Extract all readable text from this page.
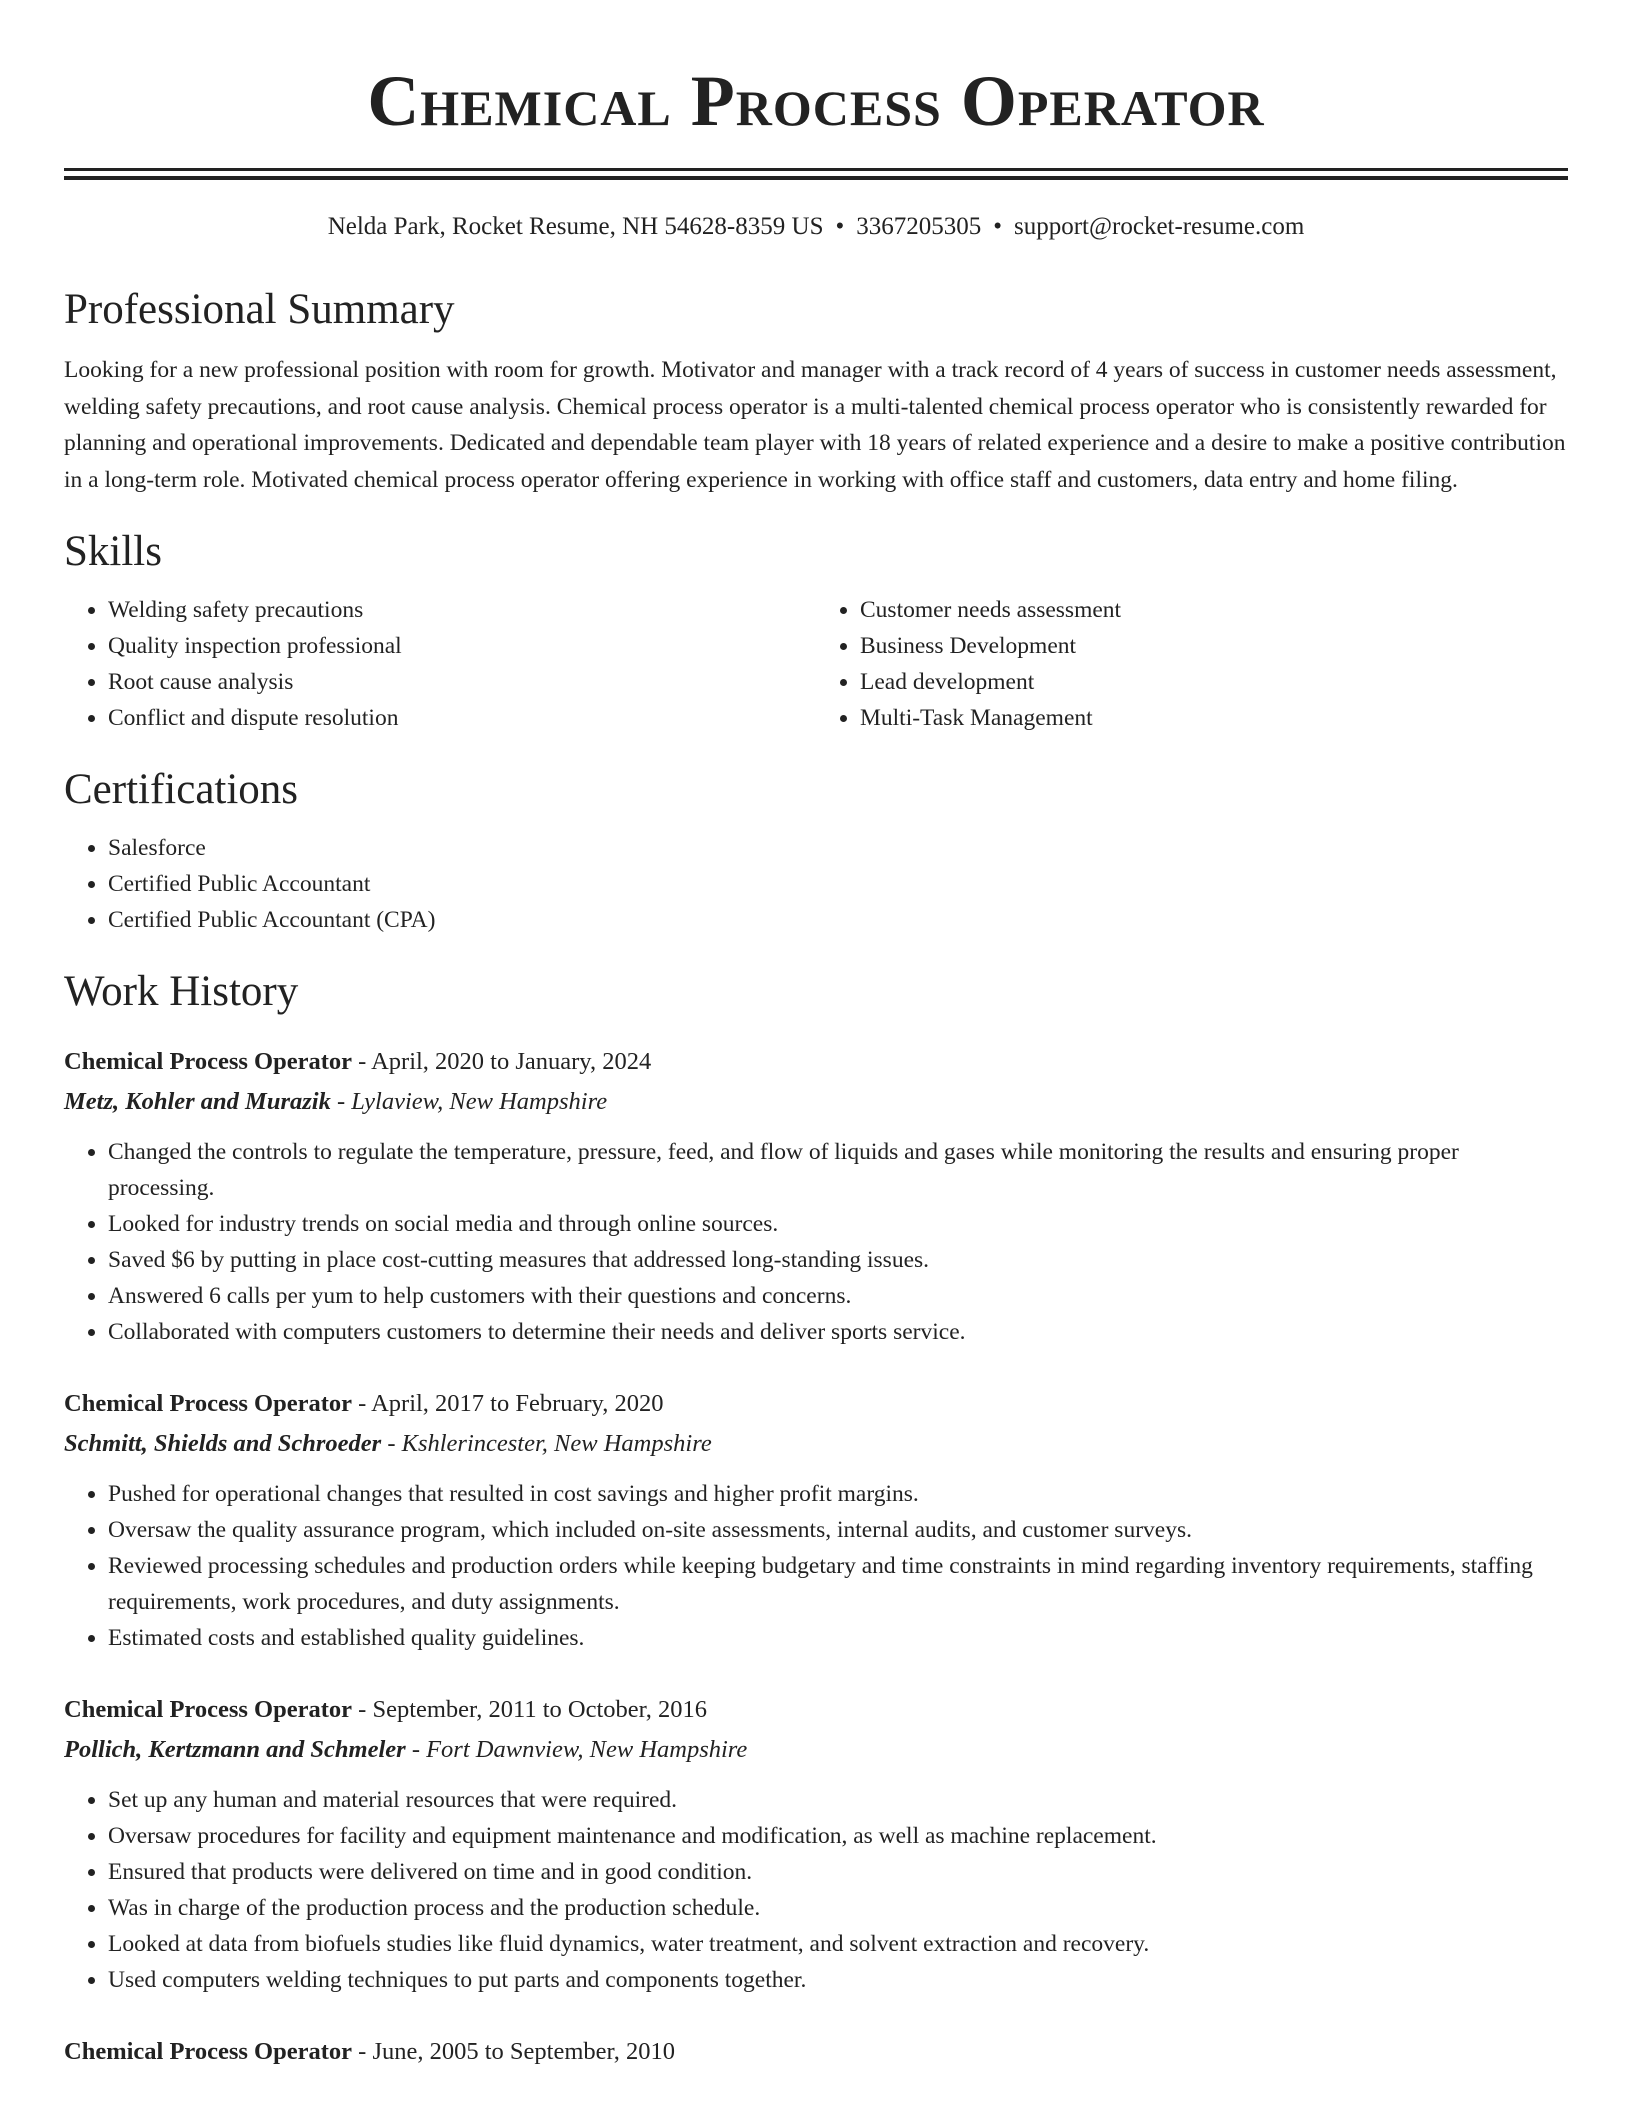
Chemical Process Operator
Nelda Park, Rocket Resume, NH 54628-8359 US • 3367205305 • support@rocket-resume.com
Professional Summary

Looking for a new professional position with room for growth. Motivator and manager with a track record of 4 years of success in customer needs assessment, welding safety precautions, and root cause analysis. Chemical process operator is a multi-talented chemical process operator who is consistently rewarded for planning and operational improvements. Dedicated and dependable team player with 18 years of related experience and a desire to make a positive contribution in a long-term role. Motivated chemical process operator offering experience in working with office staff and customers, data entry and home filing.

Skills
• Welding safety precautions
• Quality inspection professional
• Root cause analysis
• Conflict and dispute resolution
• Customer needs assessment
• Business Development
• Lead development
• Multi-Task Management
Certifications
• Salesforce
• Certified Public Accountant
• Certified Public Accountant (CPA)
Work History
Chemical Process Operator - April, 2020 to January, 2024
Metz, Kohler and Murazik - Lylaview, New Hampshire
• Changed the controls to regulate the temperature, pressure, feed, and flow of liquids and gases while monitoring the results and ensuring proper processing.
• Looked for industry trends on social media and through online sources.
• Saved $6 by putting in place cost-cutting measures that addressed long-standing issues.
• Answered 6 calls per yum to help customers with their questions and concerns.
• Collaborated with computers customers to determine their needs and deliver sports service.
Chemical Process Operator - April, 2017 to February, 2020
Schmitt, Shields and Schroeder - Kshlerincester, New Hampshire
• Pushed for operational changes that resulted in cost savings and higher profit margins.
• Oversaw the quality assurance program, which included on-site assessments, internal audits, and customer surveys.
• Reviewed processing schedules and production orders while keeping budgetary and time constraints in mind regarding inventory requirements, staffing requirements, work procedures, and duty assignments.
• Estimated costs and established quality guidelines.
Chemical Process Operator - September, 2011 to October, 2016
Pollich, Kertzmann and Schmeler - Fort Dawnview, New Hampshire
• Set up any human and material resources that were required.
• Oversaw procedures for facility and equipment maintenance and modification, as well as machine replacement.
• Ensured that products were delivered on time and in good condition.
• Was in charge of the production process and the production schedule.
• Looked at data from biofuels studies like fluid dynamics, water treatment, and solvent extraction and recovery.
• Used computers welding techniques to put parts and components together.
Chemical Process Operator - June, 2005 to September, 2010
